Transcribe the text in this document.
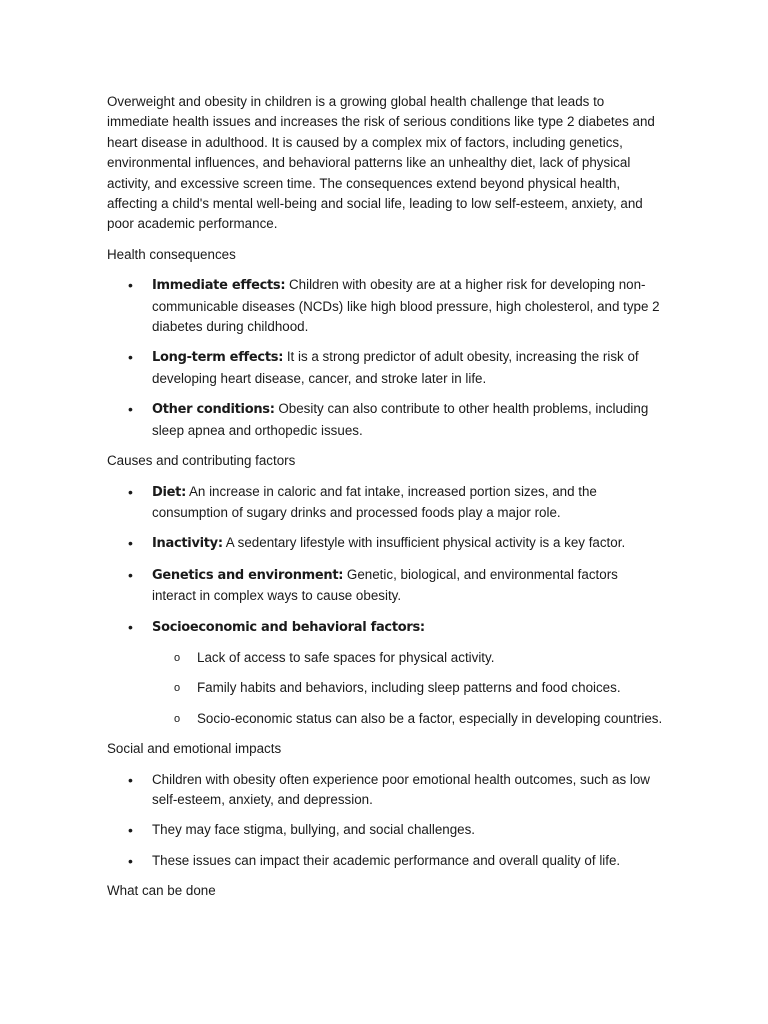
Overweight and obesity in children is a growing global health challenge that leads to immediate health issues and increases the risk of serious conditions like type 2 diabetes and heart disease in adulthood. It is caused by a complex mix of factors, including genetics, environmental influences, and behavioral patterns like an unhealthy diet, lack of physical activity, and excessive screen time. The consequences extend beyond physical health, affecting a child's mental well-being and social life, leading to low self-esteem, anxiety, and poor academic performance.

Health consequences

• Immediate effects: Children with obesity are at a higher risk for developing non-communicable diseases (NCDs) like high blood pressure, high cholesterol, and type 2 diabetes during childhood.
• Long-term effects: It is a strong predictor of adult obesity, increasing the risk of developing heart disease, cancer, and stroke later in life.
• Other conditions: Obesity can also contribute to other health problems, including sleep apnea and orthopedic issues.

Causes and contributing factors

• Diet: An increase in caloric and fat intake, increased portion sizes, and the consumption of sugary drinks and processed foods play a major role.
• Inactivity: A sedentary lifestyle with insufficient physical activity is a key factor.
• Genetics and environment: Genetic, biological, and environmental factors interact in complex ways to cause obesity.
• Socioeconomic and behavioral factors:
o Lack of access to safe spaces for physical activity.
o Family habits and behaviors, including sleep patterns and food choices.
o Socio-economic status can also be a factor, especially in developing countries.

Social and emotional impacts

• Children with obesity often experience poor emotional health outcomes, such as low self-esteem, anxiety, and depression.
• They may face stigma, bullying, and social challenges.
• These issues can impact their academic performance and overall quality of life.

What can be done
